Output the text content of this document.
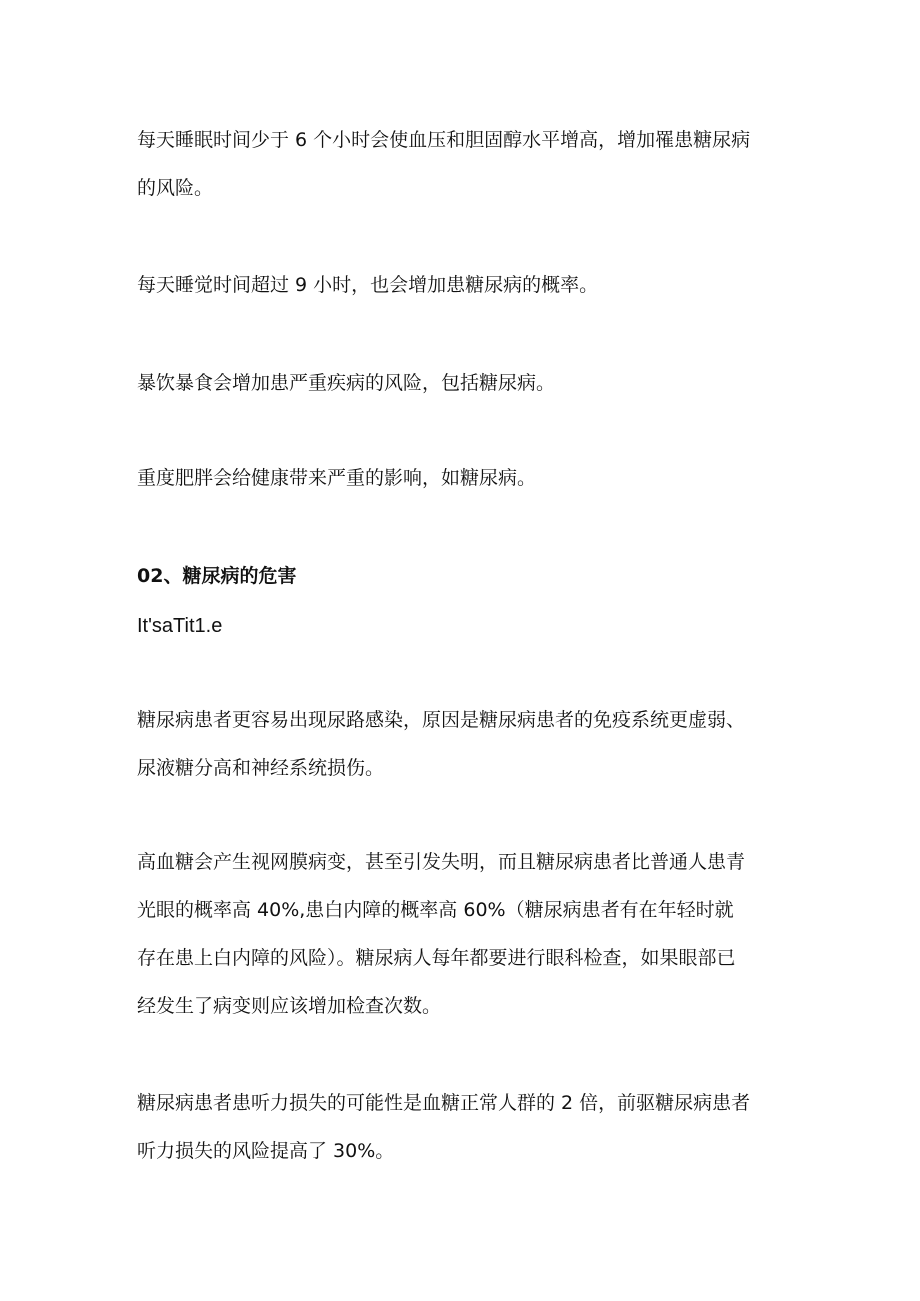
每天睡眠时间少于 6 个小时会使血压和胆固醇水平增高，增加罹患糖尿病
的风险。

每天睡觉时间超过 9 小时，也会增加患糖尿病的概率。

暴饮暴食会增加患严重疾病的风险，包括糖尿病。

重度肥胖会给健康带来严重的影响，如糖尿病。

02、糖尿病的危害

It'saTit1.e

糖尿病患者更容易出现尿路感染，原因是糖尿病患者的免疫系统更虚弱、
尿液糖分高和神经系统损伤。

高血糖会产生视网膜病变，甚至引发失明，而且糖尿病患者比普通人患青
光眼的概率高 40%,患白内障的概率高 60%（糖尿病患者有在年轻时就
存在患上白内障的风险）。糖尿病人每年都要进行眼科检查，如果眼部已
经发生了病变则应该增加检查次数。

糖尿病患者患听力损失的可能性是血糖正常人群的 2 倍，前驱糖尿病患者
听力损失的风险提高了 30%。
